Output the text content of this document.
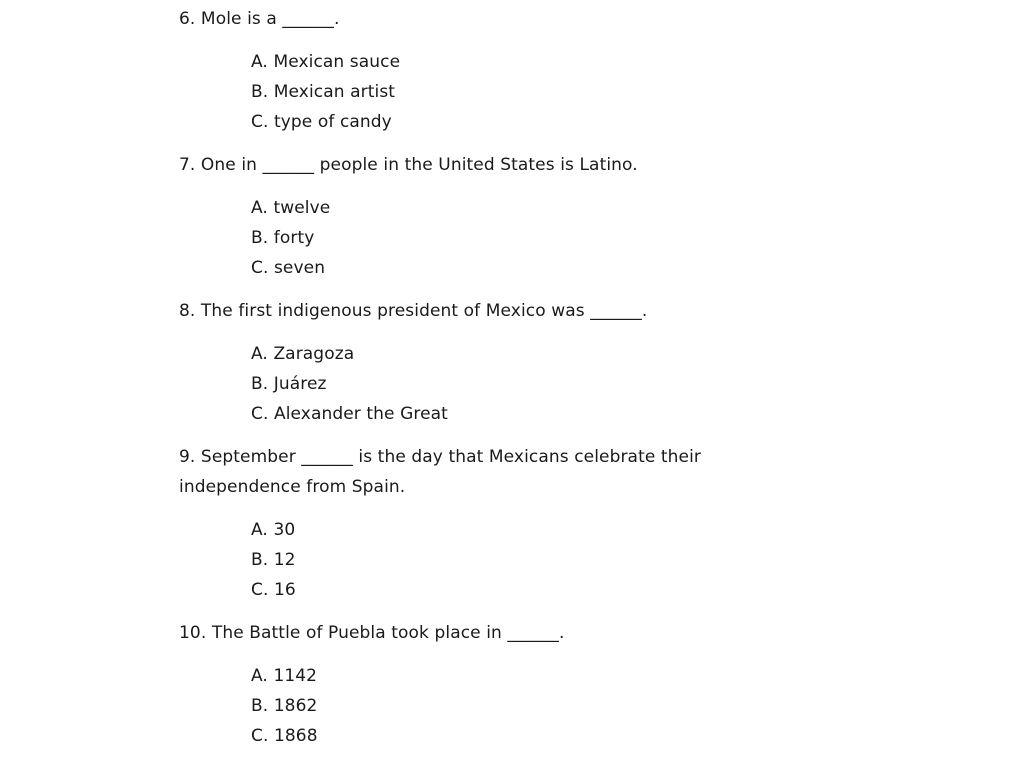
6. Mole is a ______.
A. Mexican sauce
B. Mexican artist
C. type of candy
7. One in ______ people in the United States is Latino.
A. twelve
B. forty
C. seven
8. The first indigenous president of Mexico was ______.
A. Zaragoza
B. Juárez
C. Alexander the Great
9. September ______ is the day that Mexicans celebrate their independence from Spain.
A. 30
B. 12
C. 16
10. The Battle of Puebla took place in ______.
A. 1142
B. 1862
C. 1868
